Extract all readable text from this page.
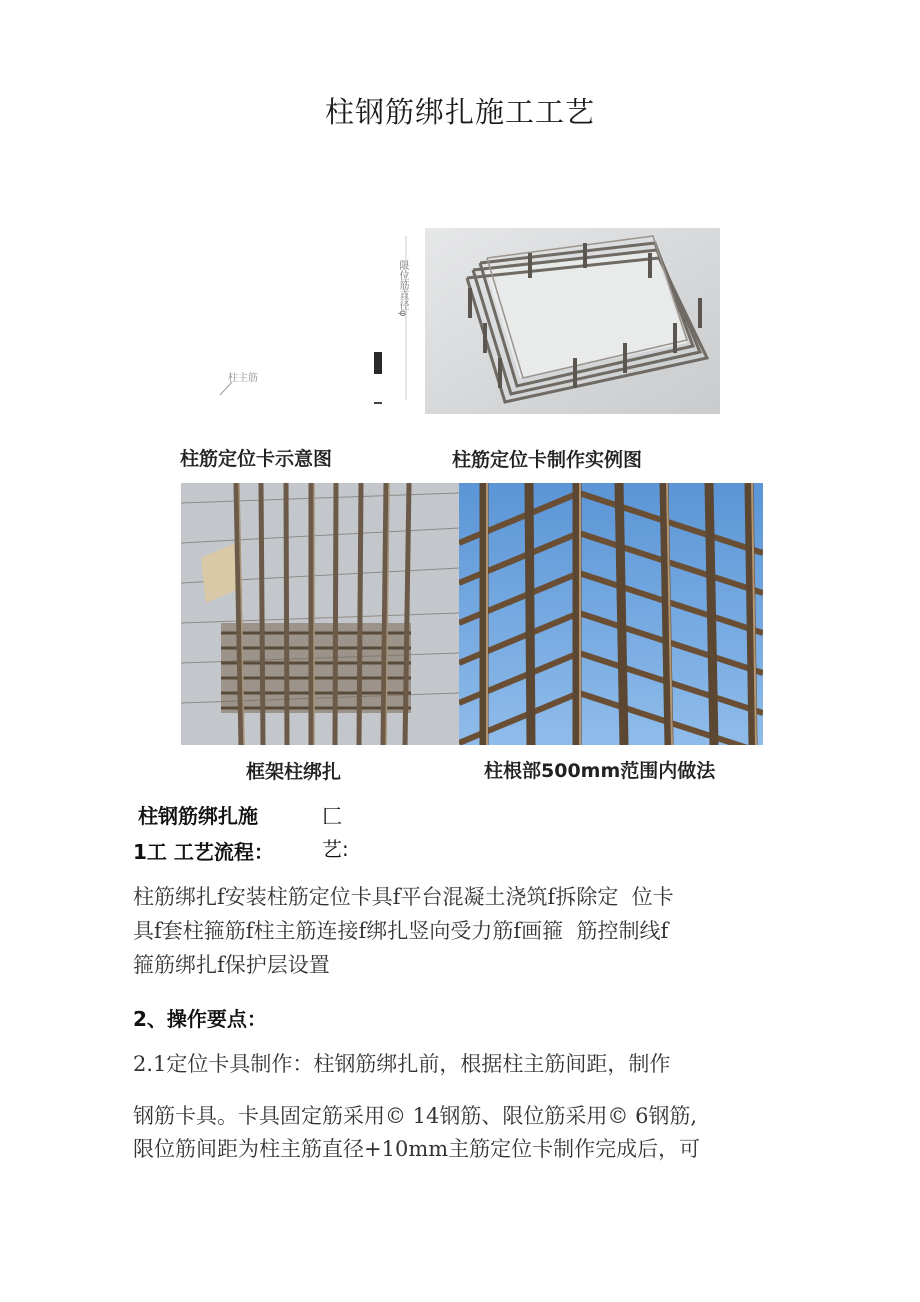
柱钢筋绑扎施工工艺
柱主筋
限位筋直径φ
柱筋定位卡示意图	柱筋定位卡制作实例图
框架柱绑扎	柱根部500mm范围内做法
柱钢筋绑扎施	匚
1工 工艺流程： 艺:
柱筋绑扎f安装柱筋定位卡具f平台混凝土浇筑f拆除定  位卡
具f套柱箍筋f柱主筋连接f绑扎竖向受力筋f画箍  筋控制线f
箍筋绑扎f保护层设置
2、操作要点：
2.1定位卡具制作：柱钢筋绑扎前，根据柱主筋间距，制作
钢筋卡具。卡具固定筋采用© 14钢筋、限位筋采用© 6钢筋,
限位筋间距为柱主筋直径+10mm主筋定位卡制作完成后，可
